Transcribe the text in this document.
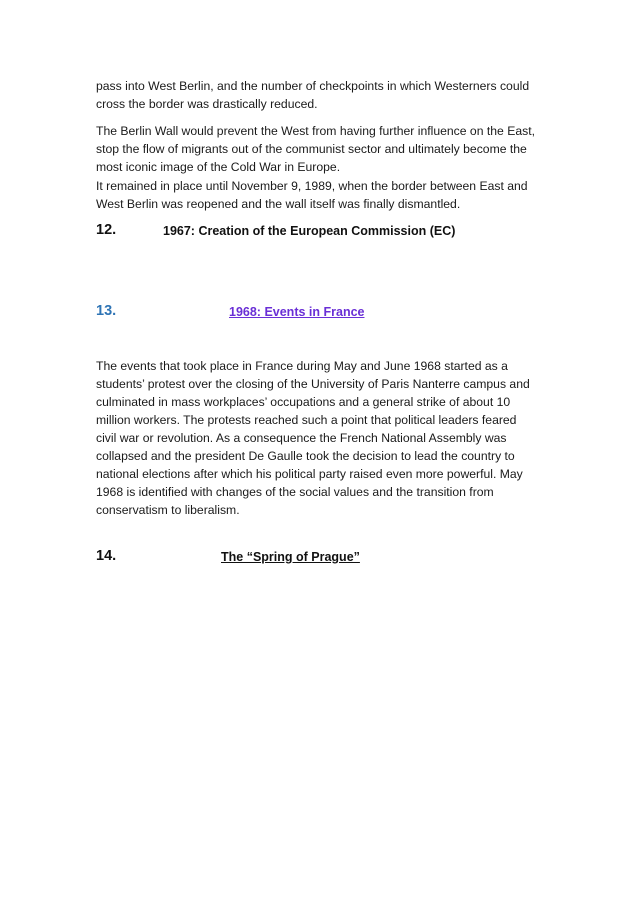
pass into West Berlin, and the number of checkpoints in which Westerners could cross the border was drastically reduced.

The Berlin Wall would prevent the West from having further influence on the East, stop the flow of migrants out of the communist sector and ultimately become the most iconic image of the Cold War in Europe.

It remained in place until November 9, 1989, when the border between East and West Berlin was reopened and the wall itself was finally dismantled.

12.	1967: Creation of the European Commission (EC)
13.	1968: Events in France

The events that took place in France during May and June 1968 started as a students’ protest over the closing of the University of Paris Nanterre campus and culminated in mass workplaces’ occupations and a general strike of about 10 million workers. The protests reached such a point that political leaders feared civil war or revolution. As a consequence the French National Assembly was collapsed and the president De Gaulle took the decision to lead the country to national elections after which his political party raised even more powerful. May 1968 is identified with changes of the social values and the transition from conservatism to liberalism.

14.	The “Spring of Prague”
